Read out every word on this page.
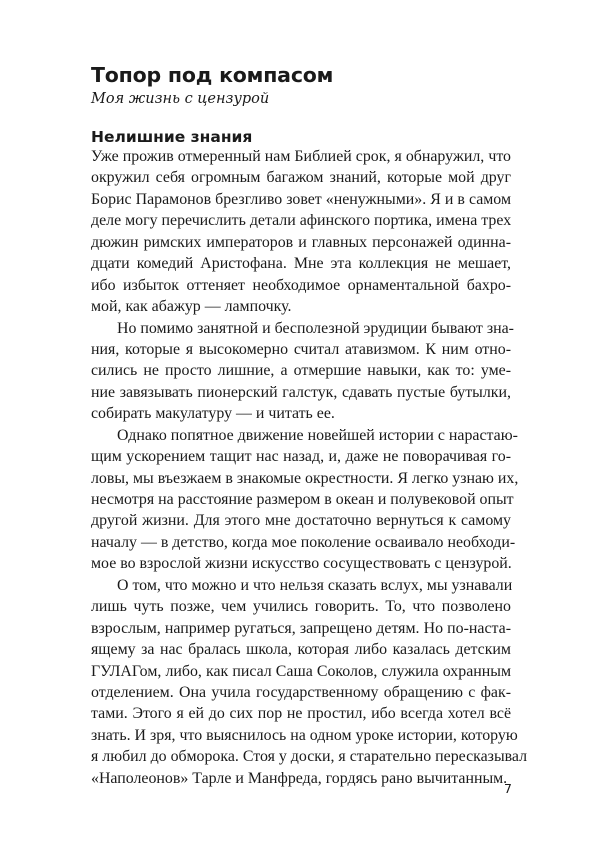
Топор под компасом

Моя жизнь с цензурой

Нелишние знания
Уже прожив отмеренный нам Библией срок, я обнаружил, что
окружил себя огромным багажом знаний, которые мой друг
Борис Парамонов брезгливо зовет «ненужными». Я и в самом
деле могу перечислить детали афинского портика, имена трех
дюжин римских императоров и главных персонажей одинна-
дцати комедий Аристофана. Мне эта коллекция не мешает,
ибо избыток оттеняет необходимое орнаментальной бахро-
мой, как абажур — лампочку.
Но помимо занятной и бесполезной эрудиции бывают зна-
ния, которые я высокомерно считал атавизмом. К ним отно-
сились не просто лишние, а отмершие навыки, как то: уме-
ние завязывать пионерский галстук, сдавать пустые бутылки,
собирать макулатуру — и читать ее.
Однако попятное движение новейшей истории с нарастаю-
щим ускорением тащит нас назад, и, даже не поворачивая го-
ловы, мы въезжаем в знакомые окрестности. Я легко узнаю их,
несмотря на расстояние размером в океан и полувековой опыт
другой жизни. Для этого мне достаточно вернуться к самому
началу — в детство, когда мое поколение осваивало необходи-
мое во взрослой жизни искусство сосуществовать с цензурой.
О том, что можно и что нельзя сказать вслух, мы узнавали
лишь чуть позже, чем учились говорить. То, что позволено
взрослым, например ругаться, запрещено детям. Но по-наста-
ящему за нас бралась школа, которая либо казалась детским
ГУЛАГом, либо, как писал Саша Соколов, служила охранным
отделением. Она учила государственному обращению с фак-
тами. Этого я ей до сих пор не простил, ибо всегда хотел всё
знать. И зря, что выяснилось на одном уроке истории, которую
я любил до обморока. Стоя у доски, я старательно пересказывал
«Наполеонов» Тарле и Манфреда, гордясь рано вычитанным.

7
